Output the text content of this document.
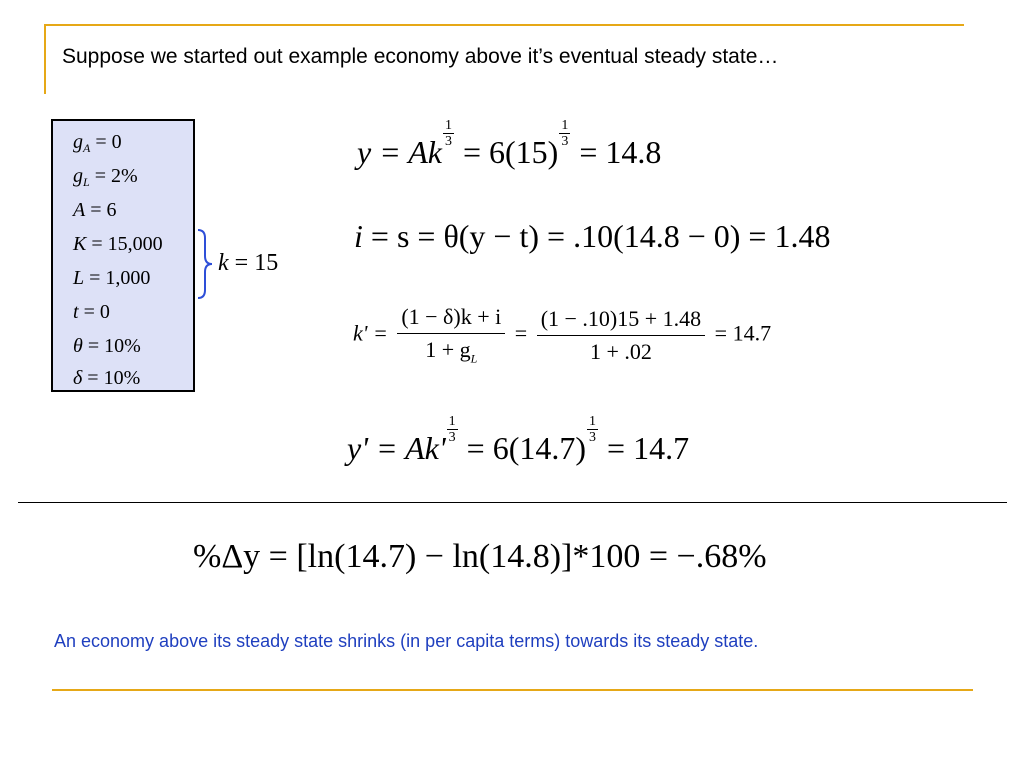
Suppose we started out example economy above it’s eventual steady state…
$g_A = 0$
$g_L = 2\%$
A = 6
K = 15,000
L = 1,000
t = 0
θ = 10%
δ = 10%
k = 15
y = Ak
$\frac{1}{3}$
= 6(15)
$\frac{1}{3}$
= 14.8
i = s = θ(y − t) = .10(14.8 − 0) = 1.48
$k' = \frac{(1 - \delta)k + i}{1 + g_L} = \frac{(1 - .10)15 + 1.48}{1 + .02} = 14.7$
y' = Ak'
$\frac{1}{3}$
= 6(14.7)
$\frac{1}{3}$
= 14.7
%Δy = [ln(14.7) − ln(14.8)]*100 = −.68%
An economy above its steady state shrinks (in per capita terms) towards its steady state.
